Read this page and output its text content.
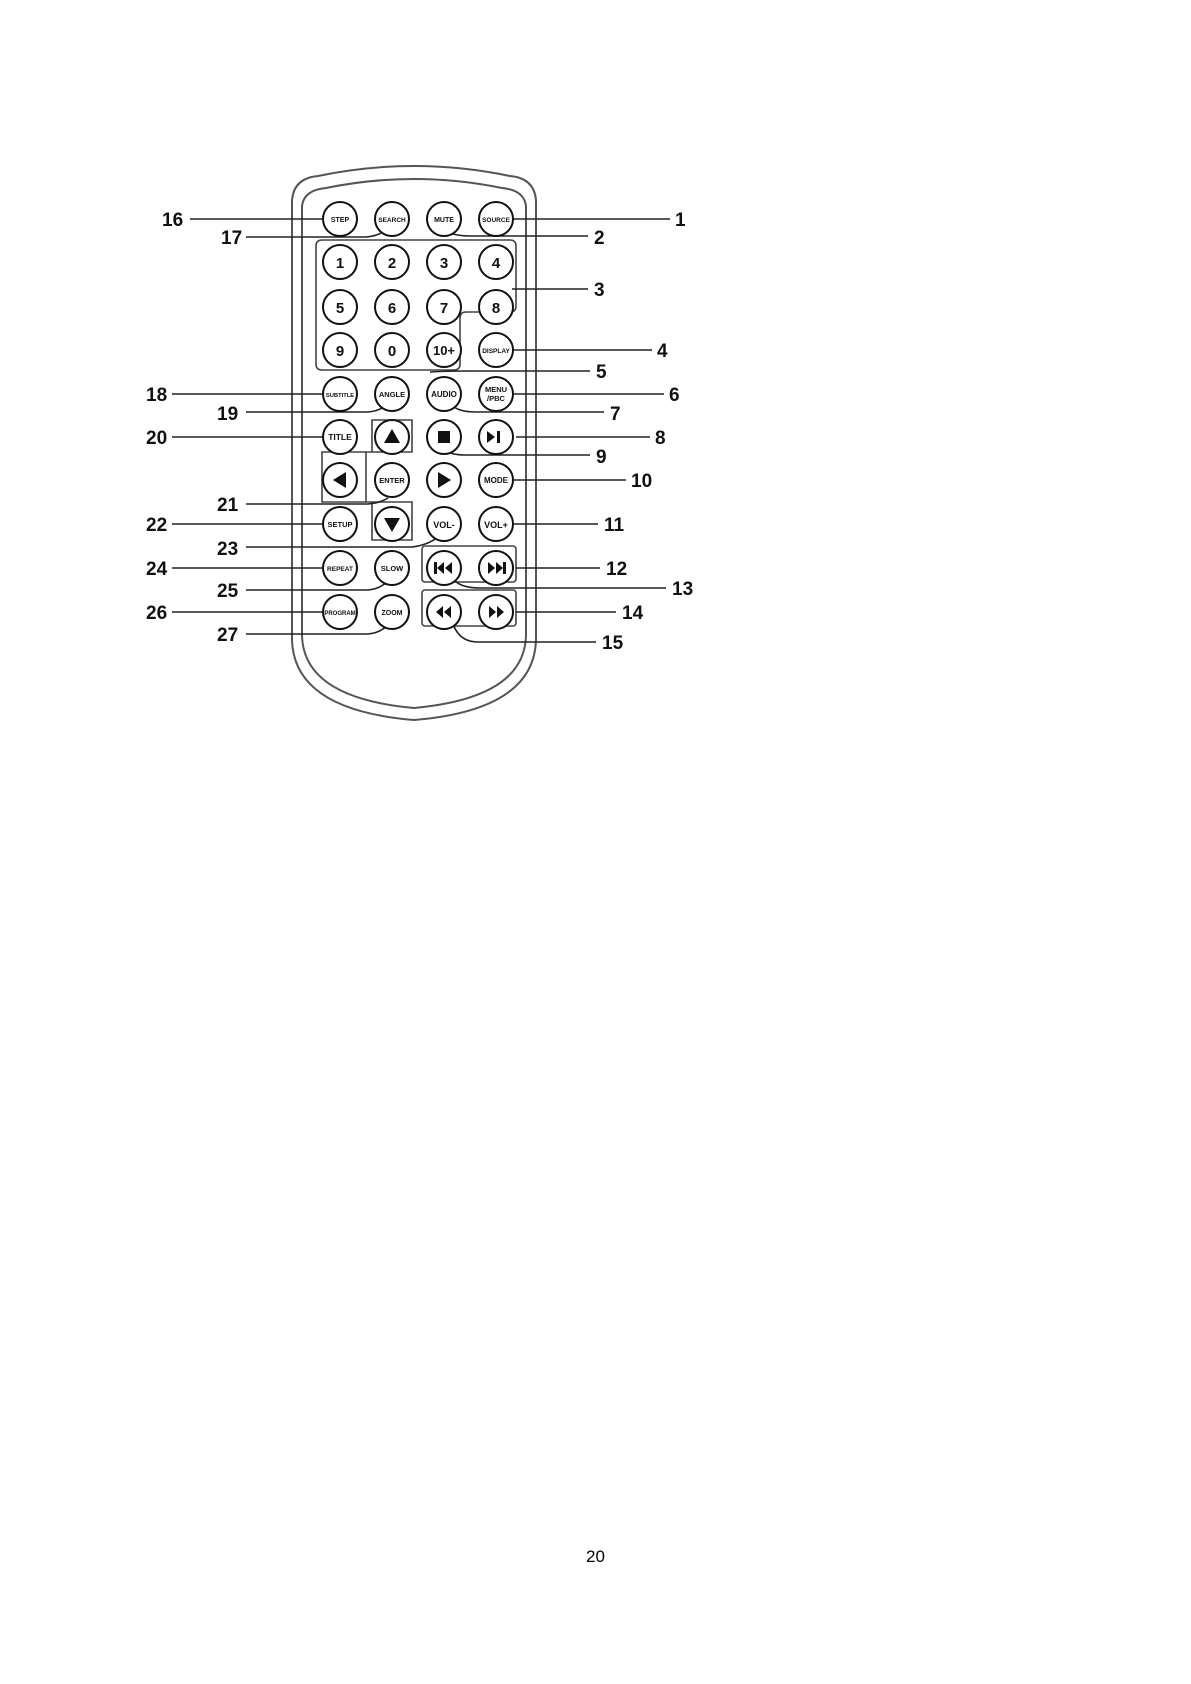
STEP	SEARCH	MUTE	SOURCE
1	2	3	4
5	6	7	8
9	0	10+	DISPLAY
SUBTITLE	ANGLE	AUDIO
MENU
/PBC
TITLE
ENTER	MODE
SETUP	VOL-	VOL+
REPEAT	SLOW
PROGRAM	ZOOM
1
2
3
4
5
6
7
8
9
10
11
12
13
14
15
16
17
18
19
20
21
22
23
24
25
26
27
20
